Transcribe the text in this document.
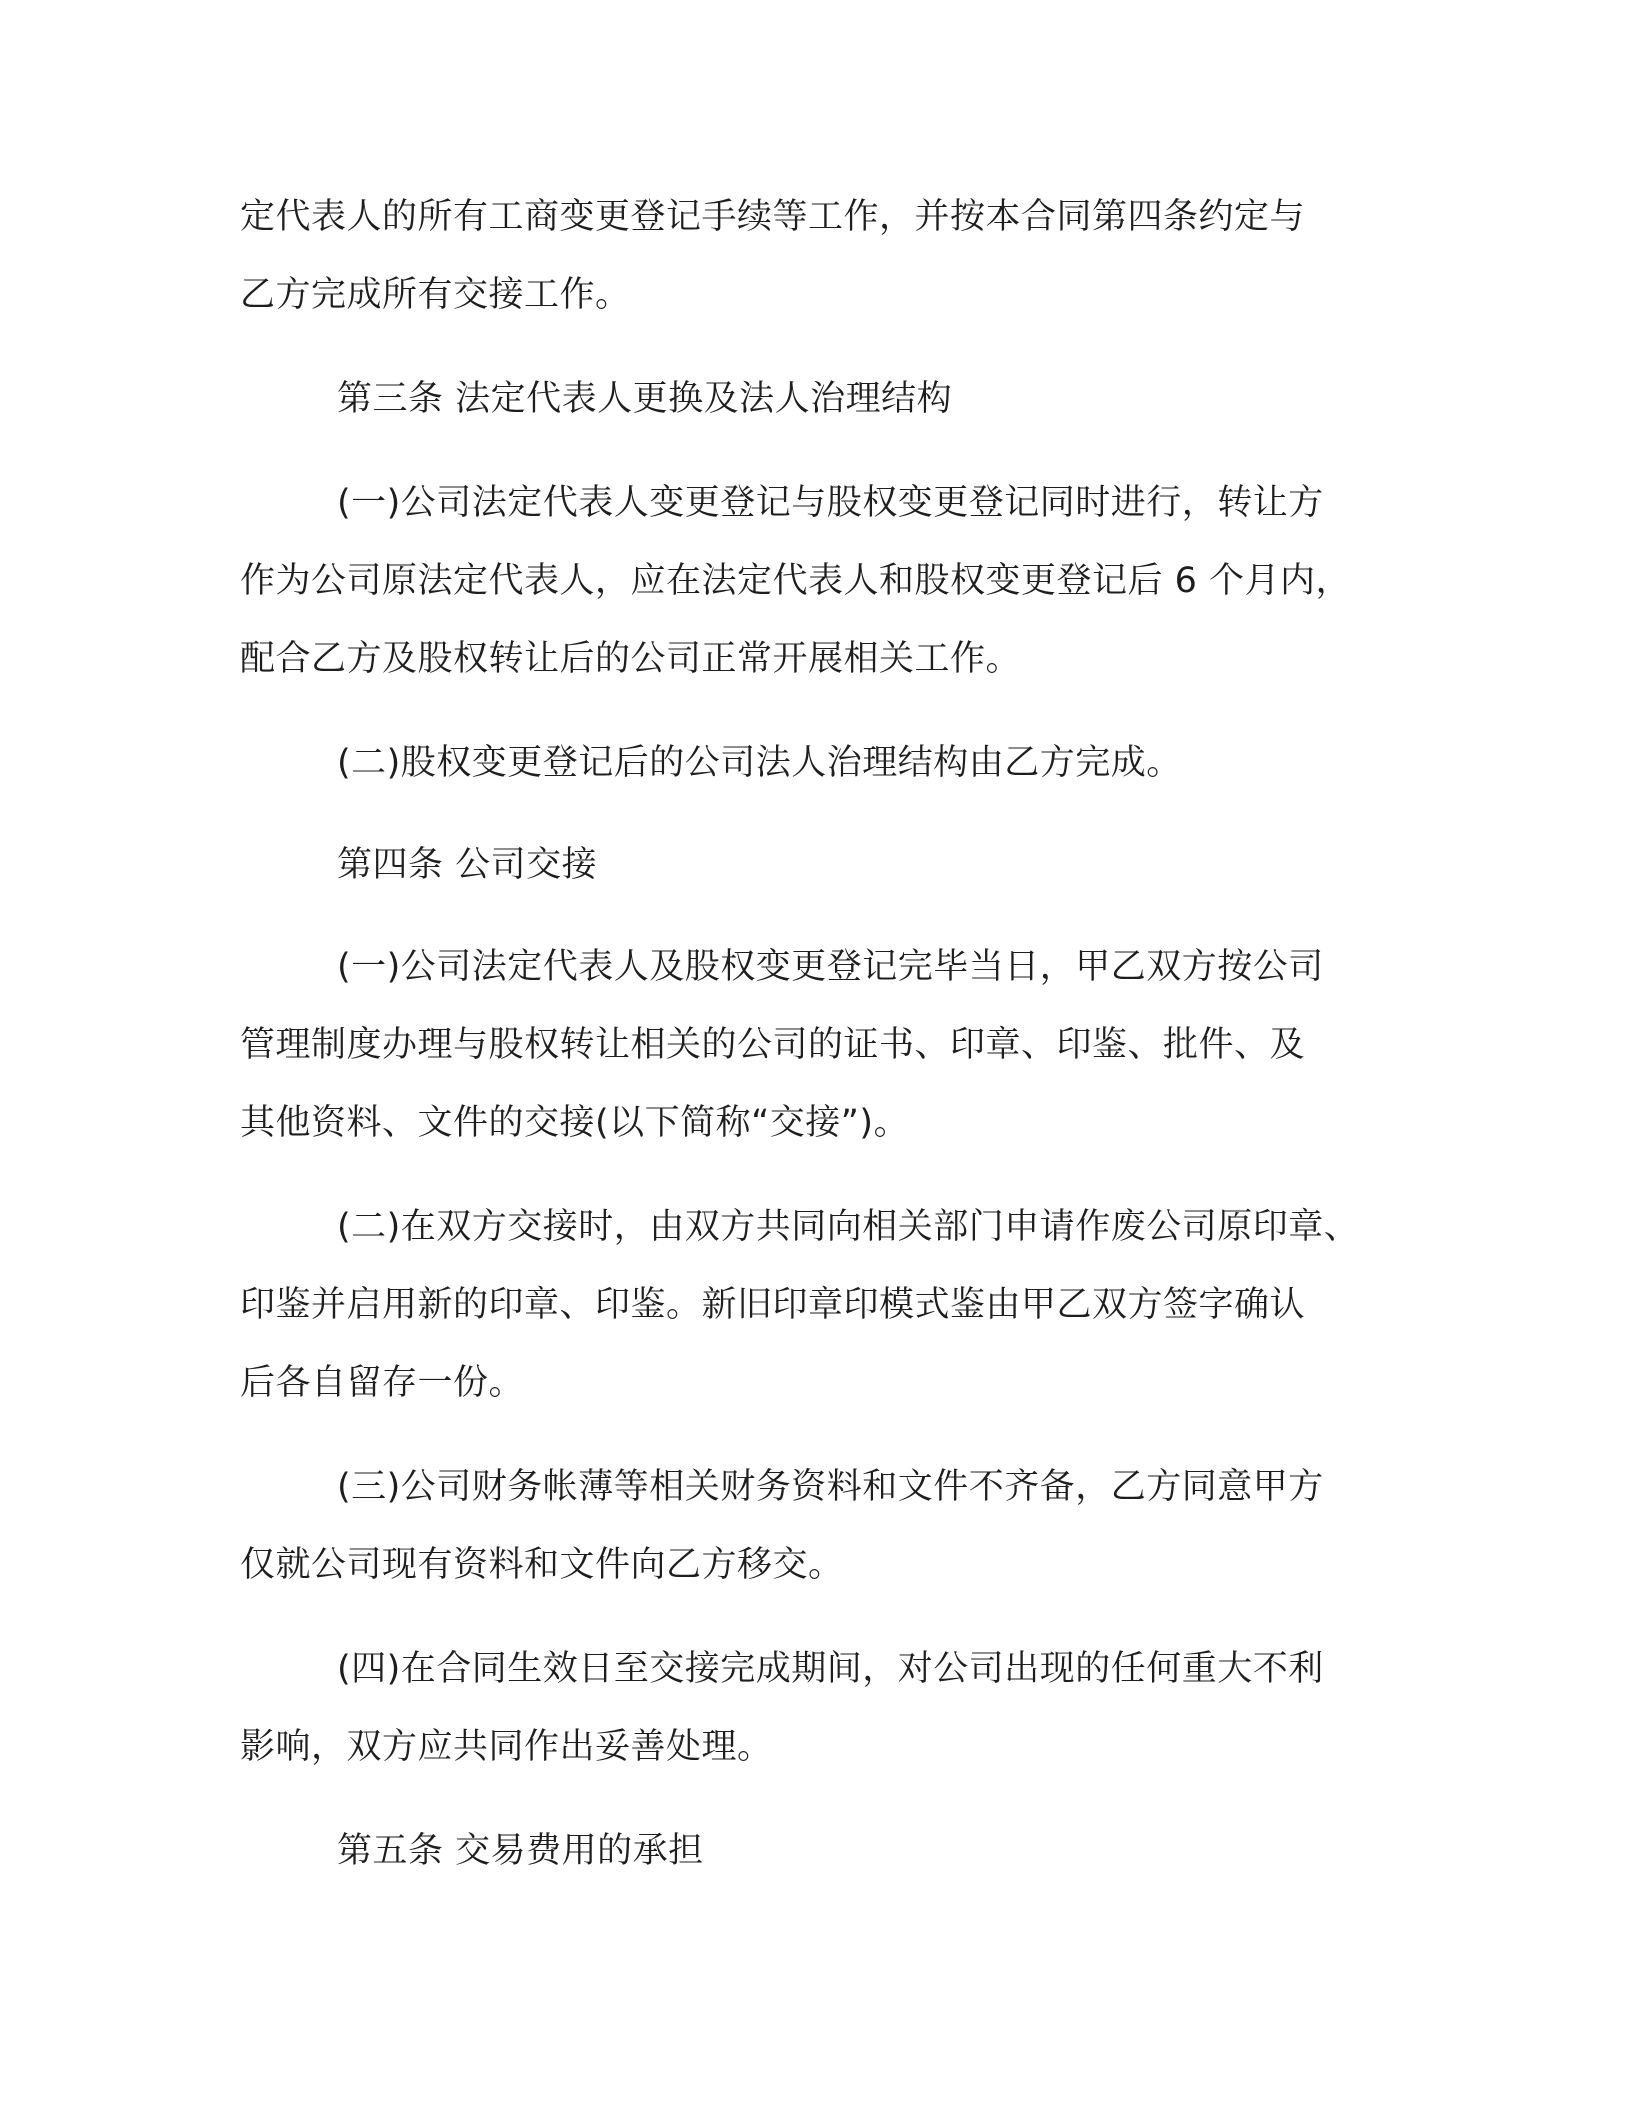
定代表人的所有工商变更登记手续等工作，并按本合同第四条约定与
乙方完成所有交接工作。
第三条 法定代表人更换及法人治理结构
(一)公司法定代表人变更登记与股权变更登记同时进行，转让方
作为公司原法定代表人，应在法定代表人和股权变更登记后 6 个月内，
配合乙方及股权转让后的公司正常开展相关工作。
(二)股权变更登记后的公司法人治理结构由乙方完成。
第四条 公司交接
(一)公司法定代表人及股权变更登记完毕当日，甲乙双方按公司
管理制度办理与股权转让相关的公司的证书、印章、印鉴、批件、及
其他资料、文件的交接(以下简称“交接”)。
(二)在双方交接时，由双方共同向相关部门申请作废公司原印章、
印鉴并启用新的印章、印鉴。新旧印章印模式鉴由甲乙双方签字确认
后各自留存一份。
(三)公司财务帐薄等相关财务资料和文件不齐备，乙方同意甲方
仅就公司现有资料和文件向乙方移交。
(四)在合同生效日至交接完成期间，对公司出现的任何重大不利
影响，双方应共同作出妥善处理。
第五条 交易费用的承担
